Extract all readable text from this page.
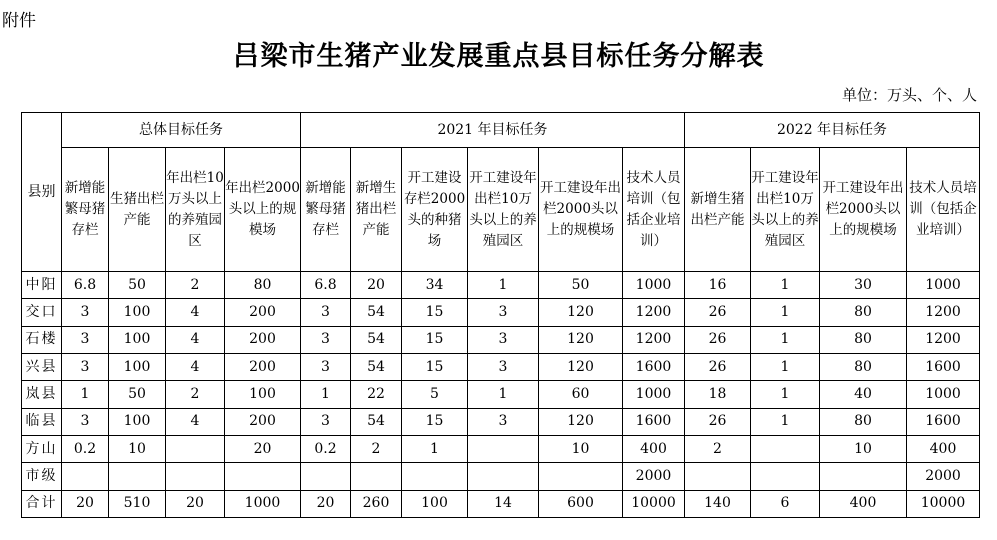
附件
吕梁市生猪产业发展重点县目标任务分解表
单位：万头、个、人
县别	总体目标任务				2021 年目标任务						2022 年目标任务			
	新增能繁母猪存栏	生猪出栏产能	年出栏10万头以上的养殖园区	年出栏2000头以上的规模场	新增能繁母猪存栏	新增生猪出栏产能	开工建设存栏2000头的种猪场	开工建设年出栏10万头以上的养殖园区	开工建设年出栏2000头以上的规模场	技术人员培训（包括企业培训）	新增生猪出栏产能	开工建设年出栏10万头以上的养殖园区	开工建设年出栏2000头以上的规模场	技术人员培训（包括企业培训）
中阳	6.8	50	2	80	6.8	20	34	1	50	1000	16	1	30	1000
交口	3	100	4	200	3	54	15	3	120	1200	26	1	80	1200
石楼	3	100	4	200	3	54	15	3	120	1200	26	1	80	1200
兴县	3	100	4	200	3	54	15	3	120	1600	26	1	80	1600
岚县	1	50	2	100	1	22	5	1	60	1000	18	1	40	1000
临县	3	100	4	200	3	54	15	3	120	1600	26	1	80	1600
方山	0.2	10		20	0.2	2	1		10	400	2		10	400
市级										2000				2000
合计	20	510	20	1000	20	260	100	14	600	10000	140	6	400	10000
